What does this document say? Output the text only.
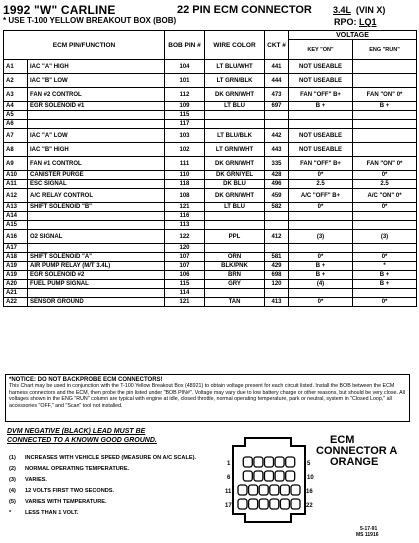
1992 "W" CARLINE	22 PIN ECM CONNECTOR
* USE T-100 YELLOW BREAKOUT BOX (BOB)
3.4L (VIN X)
RPO: LQ1
ECM PIN/FUNCTION		BOB PIN #	WIRE COLOR	CKT #	VOLTAGE	
					KEY "ON"	ENG "RUN"
A1	IAC "A" HIGH	104	LT BLU/WHT	441	NOT USEABLE	
A2	IAC "B" LOW	101	LT GRN/BLK	444	NOT USEABLE	
A3	FAN #2 CONTROL	112	DK GRN/WHT	473	FAN "OFF" B+	FAN "ON" 0*
A4	EGR SOLENOID #1	109	LT BLU	697	B +	B +
A5		115				
A6		117				
A7	IAC "A" LOW	103	LT BLU/BLK	442	NOT USEABLE	
A8	IAC "B" HIGH	102	LT GRN/WHT	443	NOT USEABLE	
A9	FAN #1 CONTROL	111	DK GRN/WHT	335	FAN "OFF" B+	FAN "ON" 0*
A10	CANISTER PURGE	110	DK GRN/YEL	428	0*	0*
A11	ESC SIGNAL	118	DK BLU	496	2.5	2.5
A12	A/C RELAY CONTROL	108	DK GRN/WHT	459	A/C "OFF" B+	A/C "ON" 0*
A13	SHIFT SOLENOID "B"	121	LT BLU	582	0*	0*
A14		116				
A15		113				
A16	O2 SIGNAL	122	PPL	412	(3)	(3)
A17		120				
A18	SHIFT SOLENOID "A"	107	ORN	581	0*	0*
A19	AIR PUMP RELAY (M/T 3.4L)	107	BLK/PNK	429	B +	*
A19	EGR SOLENOID #2	106	BRN	698	B +	B +
A20	FUEL PUMP SIGNAL	115	GRY	120	(4)	B +
A21		114				
A22	SENSOR GROUND	121	TAN	413	0*	0*
*NOTICE: DO NOT BACKPROBE ECM CONNECTORS!
This Chart may be used in conjunction with the T-100 Yellow Breakout Box (48921) to obtain voltage present for each circuit listed. Install the BOB between the ECM harness connectors and the ECM, then probe the pin listed under "BOB PIN#". Voltage may vary due to low battery charge or other reasons, but should be very close. All voltages shown in the ENG "RUN" column are typical with engine at idle, closed throttle, normal operating temperature, park or neutral, system in "Closed Loop," all accessories "OFF," and "Scan" tool not installed.
DVM NEGATIVE (BLACK) LEAD MUST BE
CONNECTED TO A KNOWN GOOD GROUND.
(1) INCREASES WITH VEHICLE SPEED (MEASURE ON A/C SCALE).
(2) NORMAL OPERATING TEMPERATURE.
(3) VARIES.
(4) 12 VOLTS FIRST TWO SECONDS.
(5) VARIES WITH TEMPERATURE.
* LESS THAN 1 VOLT.
1
6
11
17
5
10
16
22
ECM
CONNECTOR A
ORANGE
5-17-91
MS 11916
